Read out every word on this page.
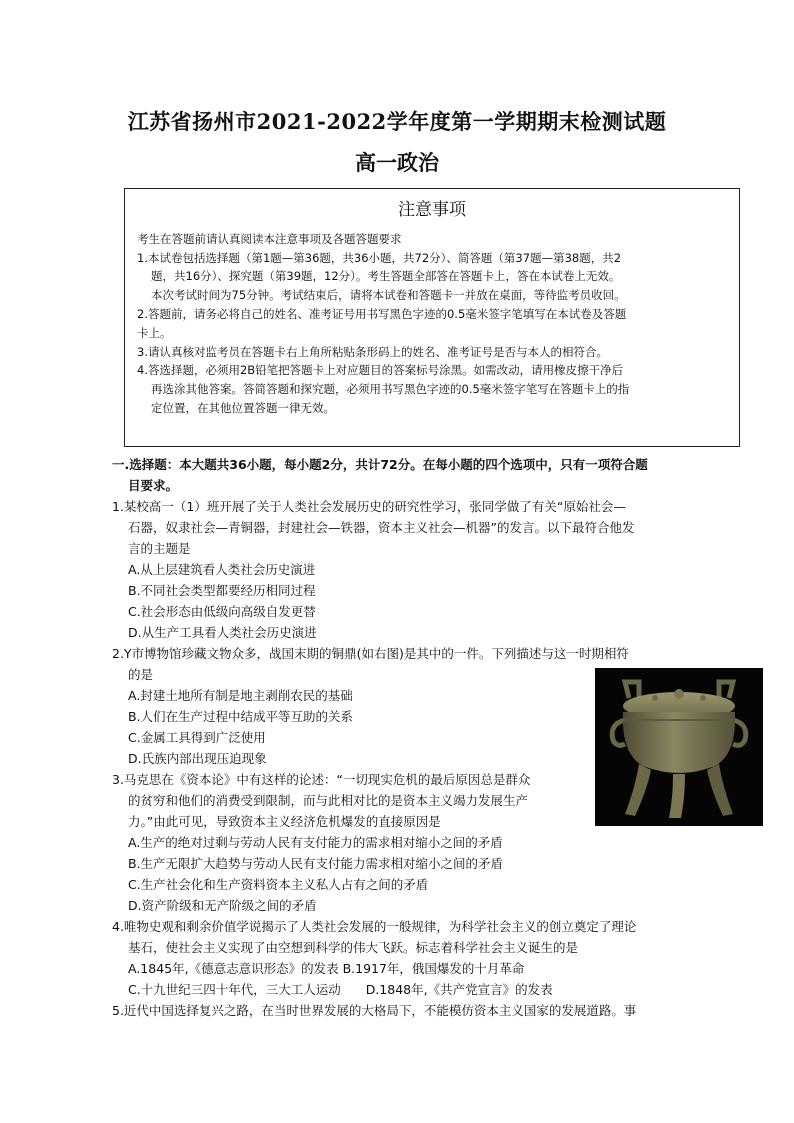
江苏省扬州市2021-2022学年度第一学期期末检测试题
高一政治
注意事项

考生在答题前请认真阅读本注意事项及各题答题要求

1.本试卷包括选择题（第1题—第36题，共36小题，共72分）、简答题（第37题—第38题，共2

题，共16分）、探究题（第39题，12分）。考生答题全部答在答题卡上，答在本试卷上无效。

本次考试时间为75分钟。考试结束后，请将本试卷和答题卡一并放在桌面，等待监考员收回。

2.答题前，请务必将自己的姓名、准考证号用书写黑色字迹的0.5毫米签字笔填写在本试卷及答题

卡上。

3.请认真核对监考员在答题卡右上角所粘贴条形码上的姓名、准考证号是否与本人的相符合。

4.答选择题，必须用2B铅笔把答题卡上对应题目的答案标号涂黑。如需改动，请用橡皮擦干净后

再选涂其他答案。答简答题和探究题，必须用书写黑色字迹的0.5毫米签字笔写在答题卡上的指

定位置，在其他位置答题一律无效。

一.选择题：本大题共36小题，每小题2分，共计72分。在每小题的四个选项中，只有一项符合题

目要求。

1.某校高一（1）班开展了关于人类社会发展历史的研究性学习，张同学做了有关“原始社会—

石器，奴隶社会—青铜器，封建社会—铁器，资本主义社会—机器”的发言。以下最符合他发

言的主题是

A.从上层建筑看人类社会历史演进

B.不同社会类型都要经历相同过程

C.社会形态由低级向高级自发更替

D.从生产工具看人类社会历史演进

2.Y市博物馆珍藏文物众多，战国末期的铜鼎(如右图)是其中的一件。下列描述与这一时期相符

的是

A.封建土地所有制是地主剥削农民的基础

B.人们在生产过程中结成平等互助的关系

C.金属工具得到广泛使用

D.氏族内部出现压迫现象

3.马克思在《资本论》中有这样的论述：“一切现实危机的最后原因总是群众

的贫穷和他们的消费受到限制，而与此相对比的是资本主义竭力发展生产

力。”由此可见，导致资本主义经济危机爆发的直接原因是

A.生产的绝对过剩与劳动人民有支付能力的需求相对缩小之间的矛盾

B.生产无限扩大趋势与劳动人民有支付能力需求相对缩小之间的矛盾

C.生产社会化和生产资料资本主义私人占有之间的矛盾

D.资产阶级和无产阶级之间的矛盾

4.唯物史观和剩余价值学说揭示了人类社会发展的一般规律，为科学社会主义的创立奠定了理论

基石，使社会主义实现了由空想到科学的伟大飞跃。标志着科学社会主义诞生的是

A.1845年,《德意志意识形态》的发表 B.1917年，俄国爆发的十月革命

C.十九世纪三四十年代，三大工人运动　　D.1848年,《共产党宣言》的发表

5.近代中国选择复兴之路，在当时世界发展的大格局下，不能模仿资本主义国家的发展道路。事
